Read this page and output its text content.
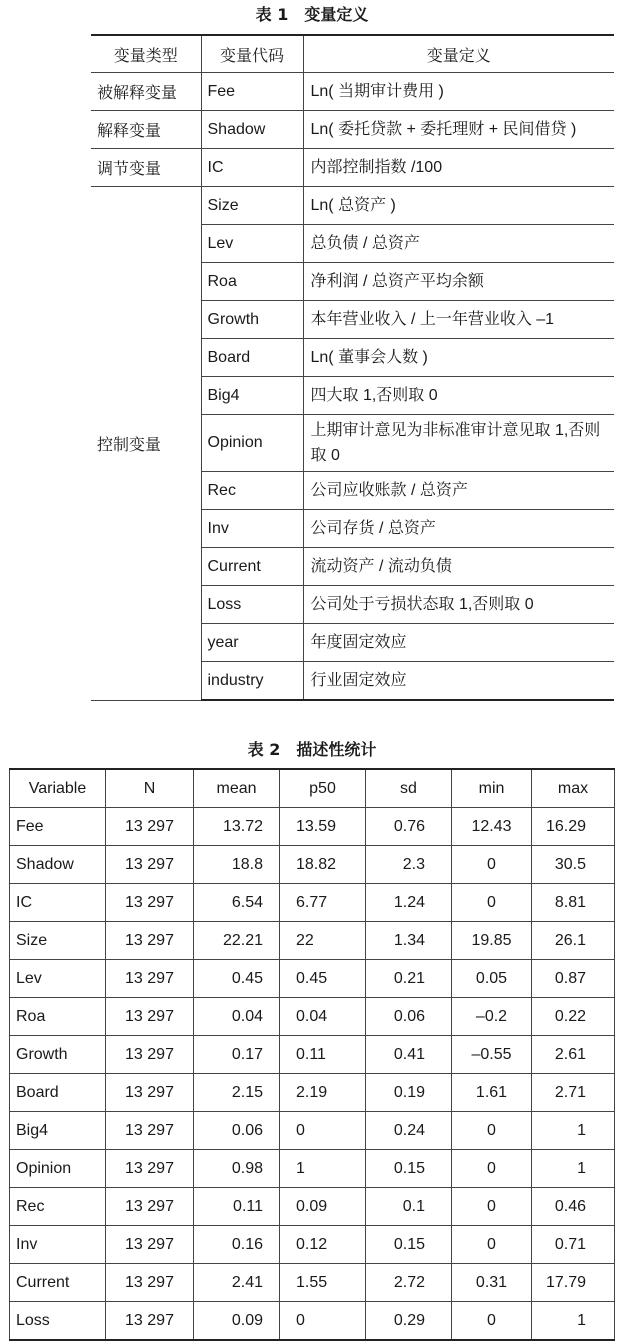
表 1　变量定义
变量类型	变量代码	变量定义
被解释变量	Fee	Ln( 当期审计费用 )
解释变量	Shadow	Ln( 委托贷款 + 委托理财 + 民间借贷 )
调节变量	IC	内部控制指数 /100
控制变量	Size	Ln( 总资产 )
	Lev	总负债 / 总资产
	Roa	净利润 / 总资产平均余额
	Growth	本年营业收入 / 上一年营业收入 –1
	Board	Ln( 董事会人数 )
	Big4	四大取 1,否则取 0
	Opinion	上期审计意见为非标准审计意见取 1,否则取 0
	Rec	公司应收账款 / 总资产
	Inv	公司存货 / 总资产
	Current	流动资产 / 流动负债
	Loss	公司处于亏损状态取 1,否则取 0
	year	年度固定效应
	industry	行业固定效应
表 2　描述性统计
Variable	N	mean	p50	sd	min	max
Fee	13 297	13.72	13.59	0.76	12.43	16.29
Shadow	13 297	18.8	18.82	2.3	0	30.5
IC	13 297	6.54	6.77	1.24	0	8.81
Size	13 297	22.21	22	1.34	19.85	26.1
Lev	13 297	0.45	0.45	0.21	0.05	0.87
Roa	13 297	0.04	0.04	0.06	–0.2	0.22
Growth	13 297	0.17	0.11	0.41	–0.55	2.61
Board	13 297	2.15	2.19	0.19	1.61	2.71
Big4	13 297	0.06	0	0.24	0	1
Opinion	13 297	0.98	1	0.15	0	1
Rec	13 297	0.11	0.09	0.1	0	0.46
Inv	13 297	0.16	0.12	0.15	0	0.71
Current	13 297	2.41	1.55	2.72	0.31	17.79
Loss	13 297	0.09	0	0.29	0	1
